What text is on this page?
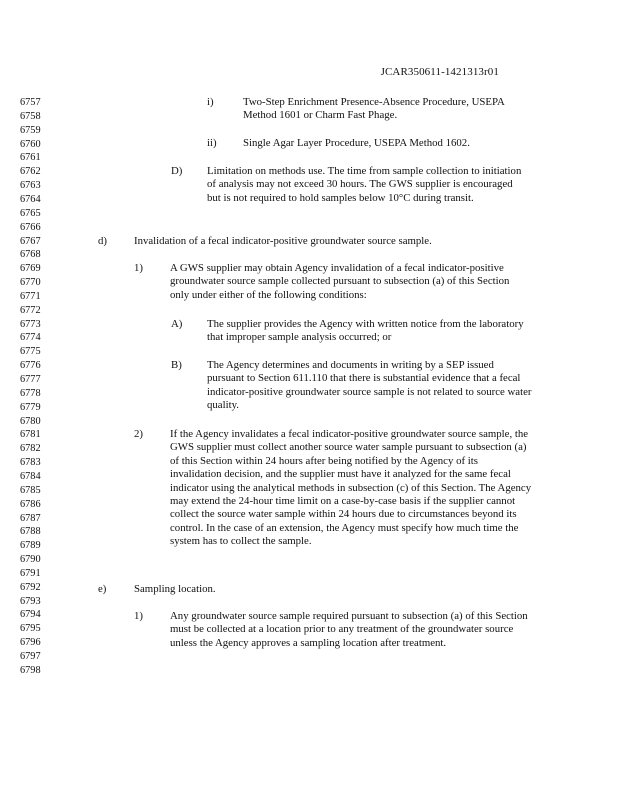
JCAR350611-1421313r01
6757
6758
6759
6760
6761
6762
6763
6764
6765
6766
6767
6768
6769
6770
6771
6772
6773
6774
6775
6776
6777
6778
6779
6780
6781
6782
6783
6784
6785
6786
6787
6788
6789
6790
6791
6792
6793
6794
6795
6796
6797
6798
i)	Two-Step Enrichment Presence-Absence Procedure, USEPA Method 1601 or Charm Fast Phage.
ii) Single Agar Layer Procedure, USEPA Method 1602.
D) Limitation on methods use. The time from sample collection to initiation of analysis may not exceed 30 hours. The GWS supplier is encouraged but is not required to hold samples below 10°C during transit.
d)	Invalidation of a fecal indicator-positive groundwater source sample.
1)	A GWS supplier may obtain Agency invalidation of a fecal indicator-positive groundwater source sample collected pursuant to subsection (a) of this Section only under either of the following conditions:
A) The supplier provides the Agency with written notice from the laboratory that improper sample analysis occurred; or
B) The Agency determines and documents in writing by a SEP issued pursuant to Section 611.110 that there is substantial evidence that a fecal indicator-positive groundwater source sample is not related to source water quality.
2)	If the Agency invalidates a fecal indicator-positive groundwater source sample, the GWS supplier must collect another source water sample pursuant to subsection (a) of this Section within 24 hours after being notified by the Agency of its invalidation decision, and the supplier must have it analyzed for the same fecal indicator using the analytical methods in subsection (c) of this Section. The Agency may extend the 24-hour time limit on a case-by-case basis if the supplier cannot collect the source water sample within 24 hours due to circumstances beyond its control. In the case of an extension, the Agency must specify how much time the system has to collect the sample.
e)	Sampling location.
1)	Any groundwater source sample required pursuant to subsection (a) of this Section must be collected at a location prior to any treatment of the groundwater source unless the Agency approves a sampling location after treatment.
